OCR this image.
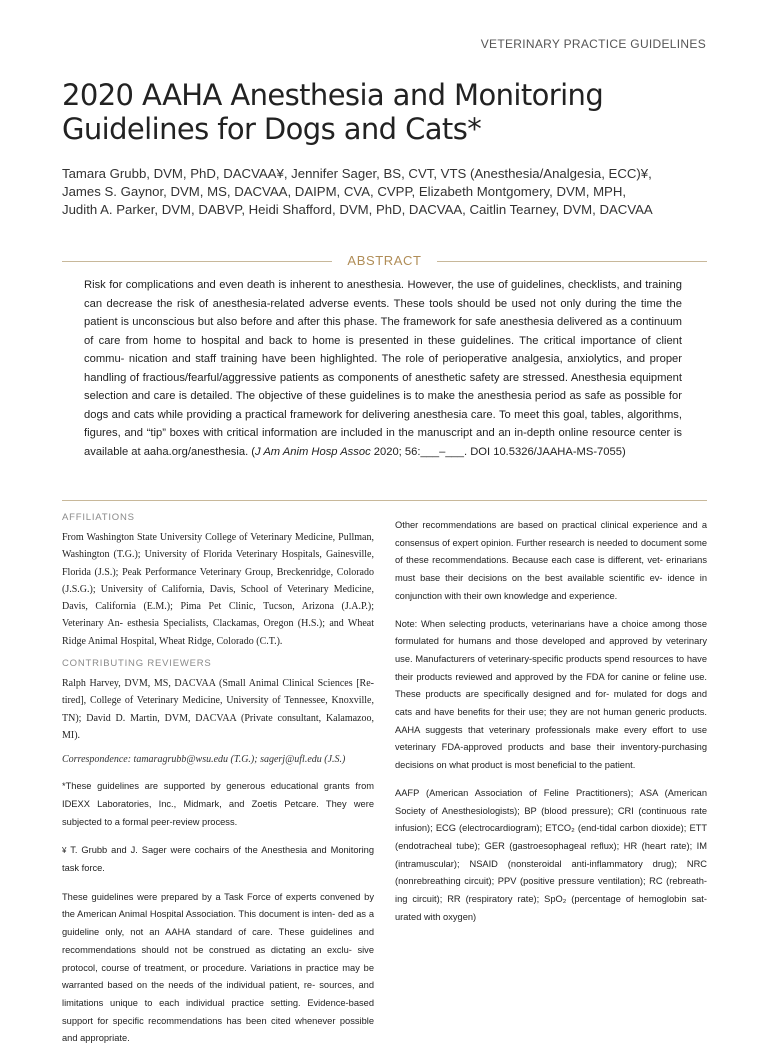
VETERINARY PRACTICE GUIDELINES
2020 AAHA Anesthesia and Monitoring Guidelines for Dogs and Cats*
Tamara Grubb, DVM, PhD, DACVAA¥, Jennifer Sager, BS, CVT, VTS (Anesthesia/Analgesia, ECC)¥, James S. Gaynor, DVM, MS, DACVAA, DAIPM, CVA, CVPP, Elizabeth Montgomery, DVM, MPH, Judith A. Parker, DVM, DABVP, Heidi Shafford, DVM, PhD, DACVAA, Caitlin Tearney, DVM, DACVAA
ABSTRACT
Risk for complications and even death is inherent to anesthesia. However, the use of guidelines, checklists, and training can decrease the risk of anesthesia-related adverse events. These tools should be used not only during the time the patient is unconscious but also before and after this phase. The framework for safe anesthesia delivered as a continuum of care from home to hospital and back to home is presented in these guidelines. The critical importance of client commu- nication and staff training have been highlighted. The role of perioperative analgesia, anxiolytics, and proper handling of fractious/fearful/aggressive patients as components of anesthetic safety are stressed. Anesthesia equipment selection and care is detailed. The objective of these guidelines is to make the anesthesia period as safe as possible for dogs and cats while providing a practical framework for delivering anesthesia care. To meet this goal, tables, algorithms, figures, and “tip” boxes with critical information are included in the manuscript and an in-depth online resource center is available at aaha.org/anesthesia. (J Am Anim Hosp Assoc 2020; 56:___–___. DOI 10.5326/JAAHA-MS-7055)
AFFILIATIONS

From Washington State University College of Veterinary Medicine, Pullman, Washington (T.G.); University of Florida Veterinary Hospitals, Gainesville, Florida (J.S.); Peak Performance Veterinary Group, Breckenridge, Colorado (J.S.G.); University of California, Davis, School of Veterinary Medicine, Davis, California (E.M.); Pima Pet Clinic, Tucson, Arizona (J.A.P.); Veterinary An- esthesia Specialists, Clackamas, Oregon (H.S.); and Wheat Ridge Animal Hospital, Wheat Ridge, Colorado (C.T.).

CONTRIBUTING REVIEWERS

Ralph Harvey, DVM, MS, DACVAA (Small Animal Clinical Sciences [Re- tired], College of Veterinary Medicine, University of Tennessee, Knoxville, TN); David D. Martin, DVM, DACVAA (Private consultant, Kalamazoo, MI).

Correspondence: tamaragrubb@wsu.edu (T.G.); sagerj@ufl.edu (J.S.)

*These guidelines are supported by generous educational grants from IDEXX Laboratories, Inc., Midmark, and Zoetis Petcare. They were subjected to a formal peer-review process.

¥ T. Grubb and J. Sager were cochairs of the Anesthesia and Monitoring task force.

These guidelines were prepared by a Task Force of experts convened by the American Animal Hospital Association. This document is inten- ded as a guideline only, not an AAHA standard of care. These guidelines and recommendations should not be construed as dictating an exclu- sive protocol, course of treatment, or procedure. Variations in practice may be warranted based on the needs of the individual patient, re- sources, and limitations unique to each individual practice setting. Evidence-based support for specific recommendations has been cited whenever possible and appropriate.

Other recommendations are based on practical clinical experience and a consensus of expert opinion. Further research is needed to document some of these recommendations. Because each case is different, vet- erinarians must base their decisions on the best available scientific ev- idence in conjunction with their own knowledge and experience.

Note: When selecting products, veterinarians have a choice among those formulated for humans and those developed and approved by veterinary use. Manufacturers of veterinary-specific products spend resources to have their products reviewed and approved by the FDA for canine or feline use. These products are specifically designed and for- mulated for dogs and cats and have benefits for their use; they are not human generic products. AAHA suggests that veterinary professionals make every effort to use veterinary FDA-approved products and base their inventory-purchasing decisions on what product is most beneficial to the patient.

AAFP (American Association of Feline Practitioners); ASA (American Society of Anesthesiologists); BP (blood pressure); CRI (continuous rate infusion); ECG (electrocardiogram); ETCO₂ (end-tidal carbon dioxide); ETT (endotracheal tube); GER (gastroesophageal reflux); HR (heart rate); IM (intramuscular); NSAID (nonsteroidal anti-inflammatory drug); NRC (nonrebreathing circuit); PPV (positive pressure ventilation); RC (rebreath- ing circuit); RR (respiratory rate); SpO₂ (percentage of hemoglobin sat- urated with oxygen)
